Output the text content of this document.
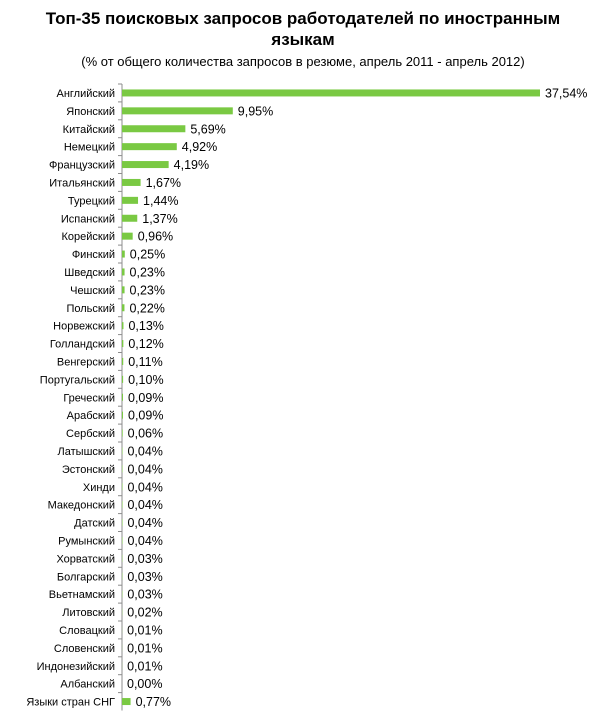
Топ-35 поисковых запросов работодателей по иностранным
языкам
(% от общего количества запросов в резюме, апрель 2011 - апрель 2012)
Английский	37,54%
Японский	9,95%
Китайский	5,69%
Немецкий	4,92%
Французский	4,19%
Итальянский 1,67%
Турецкий 1,44%
Испанский 1,37%
Корейский 0,96%
Финский 0,25%
Шведский 0,23%
Чешский 0,23%
Польский 0,22%
Норвежский 0,13%
Голландский 0,12%
Венгерский 0,11%
Португальский 0,10%
Греческий 0,09%
Арабский 0,09%
Сербский 0,06%
Латышский 0,04%
Эстонский 0,04%
Хинди 0,04%
Македонский 0,04%
Датский 0,04%
Румынский 0,04%
Хорватский 0,03%
Болгарский 0,03%
Вьетнамский 0,03%
Литовский 0,02%
Словацкий 0,01%
Словенский 0,01%
Индонезийский 0,01%
Албанский 0,00%
Языки стран СНГ 0,77%
